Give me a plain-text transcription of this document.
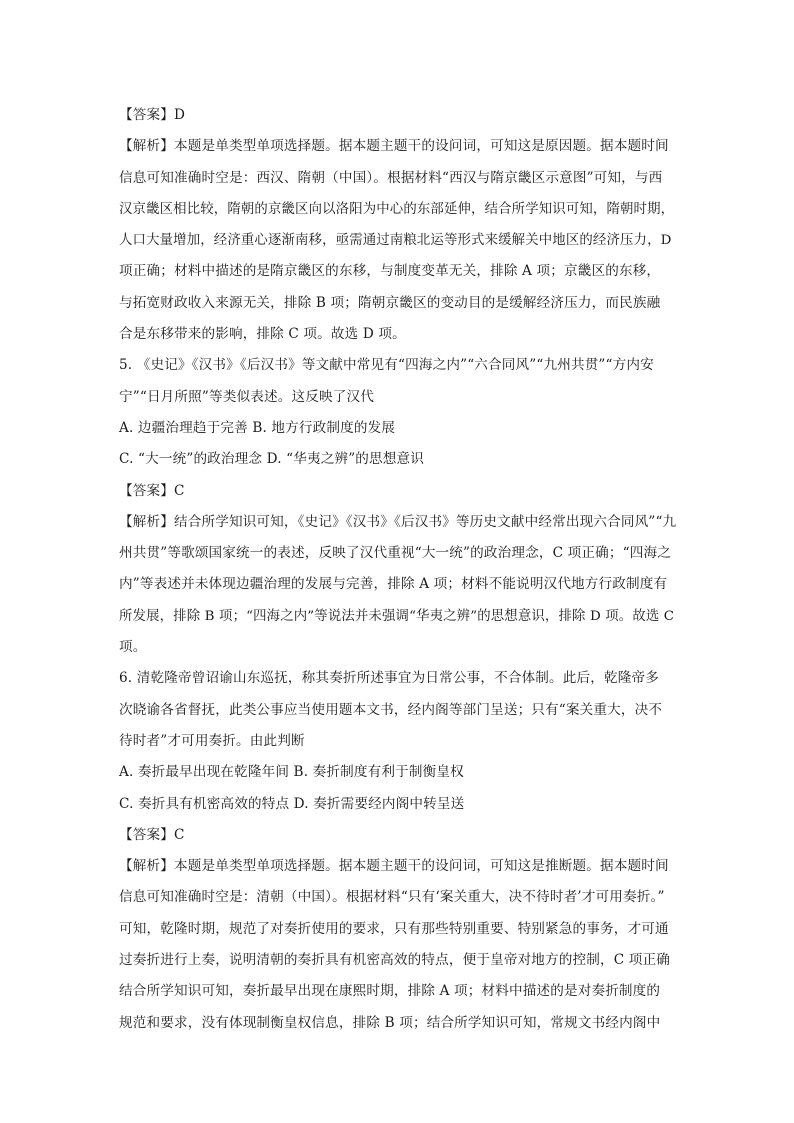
【答案】D
【解析】本题是单类型单项选择题。据本题主题干的设问词，可知这是原因题。据本题时间
信息可知准确时空是：西汉、隋朝（中国）。根据材料“西汉与隋京畿区示意图”可知，与西
汉京畿区相比较，隋朝的京畿区向以洛阳为中心的东部延伸，结合所学知识可知，隋朝时期，
人口大量增加，经济重心逐渐南移，亟需通过南粮北运等形式来缓解关中地区的经济压力，D
项正确；材料中描述的是隋京畿区的东移，与制度变革无关，排除 A 项；京畿区的东移，
与拓宽财政收入来源无关，排除 B 项；隋朝京畿区的变动目的是缓解经济压力，而民族融
合是东移带来的影响，排除 C 项。故选 D 项。
5. 《史记》《汉书》《后汉书》等文献中常见有“四海之内”“六合同风”“九州共贯”“方内安
宁”“日月所照”等类似表述。这反映了汉代
A. 边疆治理趋于完善 B. 地方行政制度的发展
C. “大一统”的政治理念 D. “华夷之辨”的思想意识
【答案】C
【解析】结合所学知识可知，《史记》《汉书》《后汉书》等历史文献中经常出现六合同风”“九
州共贯”等歌颂国家统一的表述，反映了汉代重视“大一统”的政治理念，C 项正确；“四海之
内”等表述并未体现边疆治理的发展与完善，排除 A 项；材料不能说明汉代地方行政制度有
所发展，排除 B 项；“四海之内”等说法并未强调“华夷之辨”的思想意识，排除 D 项。故选 C
项。
6. 清乾隆帝曾诏谕山东巡抚，称其奏折所述事宜为日常公事，不合体制。此后，乾隆帝多
次晓谕各省督抚，此类公事应当使用题本文书，经内阁等部门呈送；只有“案关重大，决不
待时者”才可用奏折。由此判断
A. 奏折最早出现在乾隆年间 B. 奏折制度有利于制衡皇权
C. 奏折具有机密高效的特点 D. 奏折需要经内阁中转呈送
【答案】C
【解析】本题是单类型单项选择题。据本题主题干的设问词，可知这是推断题。据本题时间
信息可知准确时空是：清朝（中国）。根据材料“只有‘案关重大，决不待时者’才可用奏折。”
可知，乾隆时期，规范了对奏折使用的要求，只有那些特别重要、特别紧急的事务，才可通
过奏折进行上奏，说明清朝的奏折具有机密高效的特点，便于皇帝对地方的控制，C 项正确
结合所学知识可知，奏折最早出现在康熙时期，排除 A 项；材料中描述的是对奏折制度的
规范和要求，没有体现制衡皇权信息，排除 B 项；结合所学知识可知，常规文书经内阁中
